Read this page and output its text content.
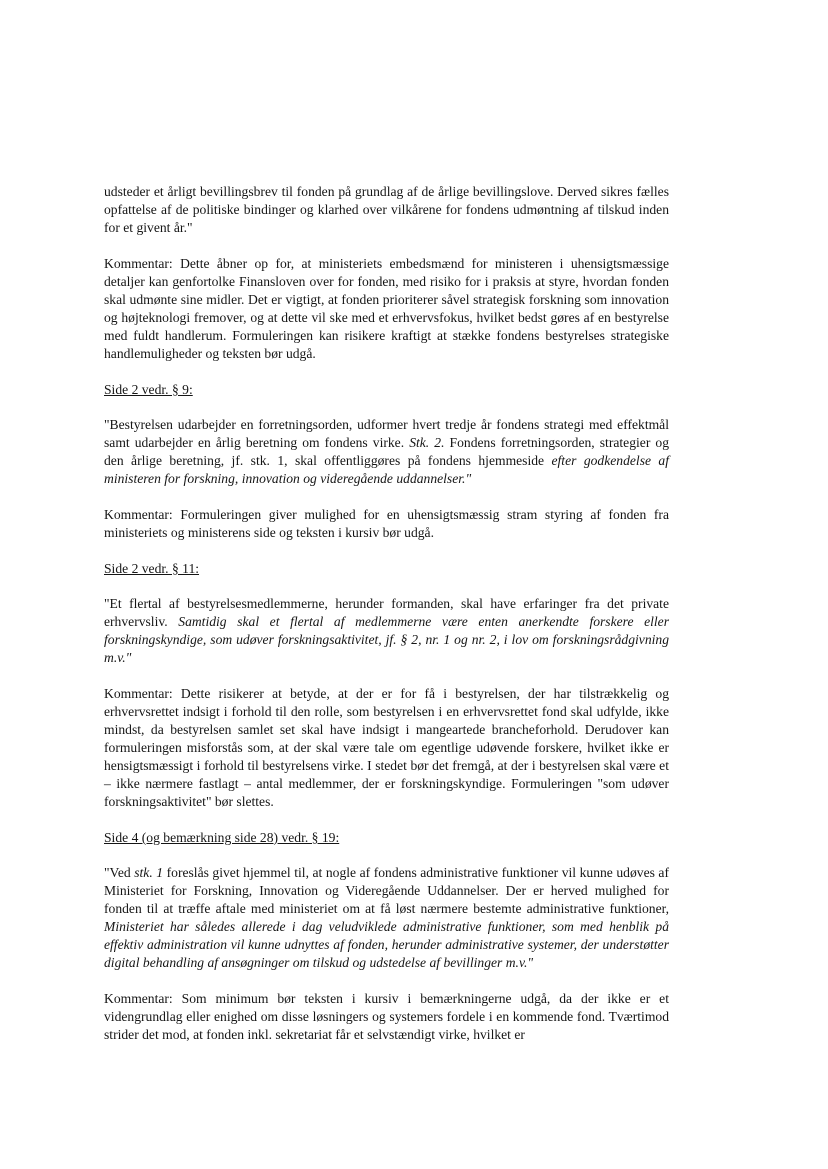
udsteder et årligt bevillingsbrev til fonden på grundlag af de årlige bevillingslove. Derved sikres fælles opfattelse af de politiske bindinger og klarhed over vilkårene for fondens udmøntning af tilskud inden for et givent år."

Kommentar: Dette åbner op for, at ministeriets embedsmænd for ministeren i uhensigtsmæssige detaljer kan genfortolke Finansloven over for fonden, med risiko for i praksis at styre, hvordan fonden skal udmønte sine midler. Det er vigtigt, at fonden prioriterer såvel strategisk forskning som innovation og højteknologi fremover, og at dette vil ske med et erhvervsfokus, hvilket bedst gøres af en bestyrelse med fuldt handlerum. Formuleringen kan risikere kraftigt at stække fondens bestyrelses strategiske handlemuligheder og teksten bør udgå.

Side 2 vedr. § 9:

"Bestyrelsen udarbejder en forretningsorden, udformer hvert tredje år fondens strategi med effektmål samt udarbejder en årlig beretning om fondens virke. Stk. 2. Fondens forretningsorden, strategier og den årlige beretning, jf. stk. 1, skal offentliggøres på fondens hjemmeside efter godkendelse af ministeren for forskning, innovation og videregående uddannelser."

Kommentar: Formuleringen giver mulighed for en uhensigtsmæssig stram styring af fonden fra ministeriets og ministerens side og teksten i kursiv bør udgå.

Side 2 vedr. § 11:

"Et flertal af bestyrelsesmedlemmerne, herunder formanden, skal have erfaringer fra det private erhvervsliv. Samtidig skal et flertal af medlemmerne være enten anerkendte forskere eller forskningskyndige, som udøver forskningsaktivitet, jf. § 2, nr. 1 og nr. 2, i lov om forskningsrådgivning m.v."

Kommentar: Dette risikerer at betyde, at der er for få i bestyrelsen, der har tilstrækkelig og erhvervsrettet indsigt i forhold til den rolle, som bestyrelsen i en erhvervsrettet fond skal udfylde, ikke mindst, da bestyrelsen samlet set skal have indsigt i mangeartede brancheforhold. Derudover kan formuleringen misforstås som, at der skal være tale om egentlige udøvende forskere, hvilket ikke er hensigtsmæssigt i forhold til bestyrelsens virke. I stedet bør det fremgå, at der i bestyrelsen skal være et – ikke nærmere fastlagt – antal medlemmer, der er forskningskyndige. Formuleringen "som udøver forskningsaktivitet" bør slettes.

Side 4 (og bemærkning side 28) vedr. § 19:

"Ved stk. 1 foreslås givet hjemmel til, at nogle af fondens administrative funktioner vil kunne udøves af Ministeriet for Forskning, Innovation og Videregående Uddannelser. Der er herved mulighed for fonden til at træffe aftale med ministeriet om at få løst nærmere bestemte administrative funktioner, Ministeriet har således allerede i dag veludviklede administrative funktioner, som med henblik på effektiv administration vil kunne udnyttes af fonden, herunder administrative systemer, der understøtter digital behandling af ansøgninger om tilskud og udstedelse af bevillinger m.v."

Kommentar: Som minimum bør teksten i kursiv i bemærkningerne udgå, da der ikke er et videngrundlag eller enighed om disse løsningers og systemers fordele i en kommende fond. Tværtimod strider det mod, at fonden inkl. sekretariat får et selvstændigt virke, hvilket er
